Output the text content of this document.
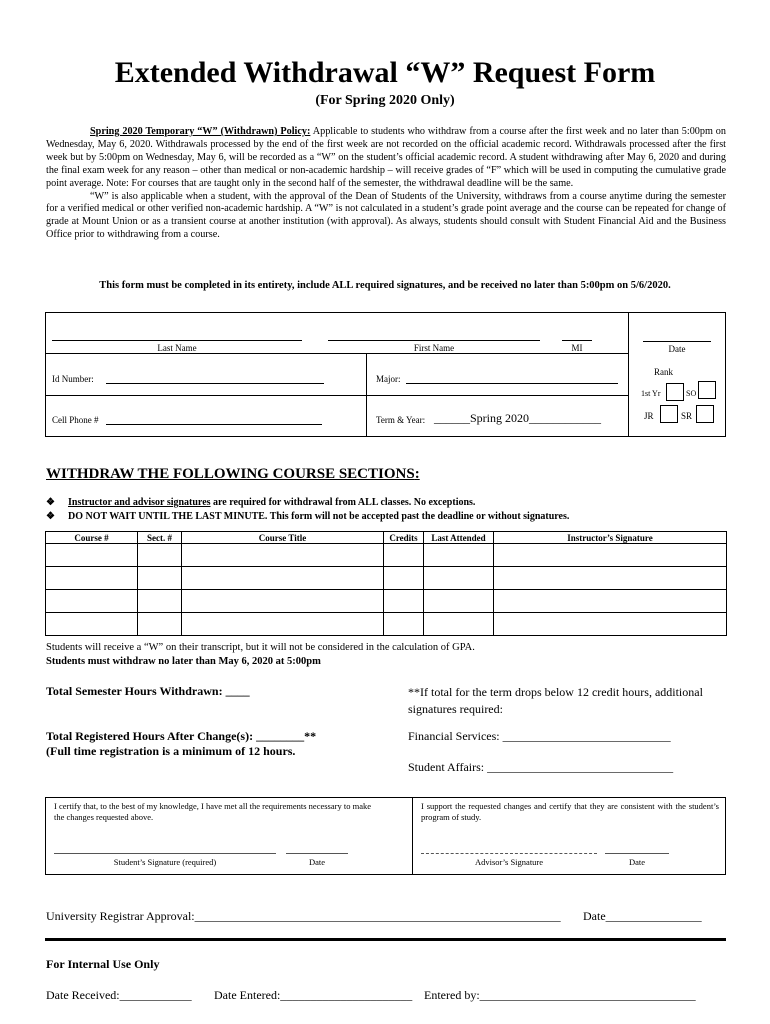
Extended Withdrawal “W” Request Form
(For Spring 2020 Only)

Spring 2020 Temporary “W” (Withdrawn) Policy: Applicable to students who withdraw from a course after the first week and no later than 5:00pm on Wednesday, May 6, 2020. Withdrawals processed by the end of the first week are not recorded on the official academic record. Withdrawals processed after the first week but by 5:00pm on Wednesday, May 6, will be recorded as a “W” on the student’s official academic record. A student withdrawing after May 6, 2020 and during the final exam week for any reason – other than medical or non-academic hardship – will receive grades of “F” which will be used in computing the cumulative grade point average. Note: For courses that are taught only in the second half of the semester, the withdrawal deadline will be the same.

“W” is also applicable when a student, with the approval of the Dean of Students of the University, withdraws from a course anytime during the semester for a verified medical or other verified non-academic hardship. A “W” is not calculated in a student’s grade point average and the course can be repeated for change of grade at Mount Union or as a transient course at another institution (with approval). As always, students should consult with Student Financial Aid and the Business Office prior to withdrawing from a course.

This form must be completed in its entirety, include ALL required signatures, and be received no later than 5:00pm on 5/6/2020.
Last Name	First Name	MI	Date
Id Number:	Major:
Cell Phone #	Term & Year: ______Spring 2020____________
Rank
1st Yr	SO
JR	SR
WITHDRAW THE FOLLOWING COURSE SECTIONS:
❖ Instructor and advisor signatures are required for withdrawal from ALL classes. No exceptions.
❖ DO NOT WAIT UNTIL THE LAST MINUTE. This form will not be accepted past the deadline or without signatures.
Course #	Sect. #	Course Title	Credits	Last Attended	Instructor’s Signature

Students will receive a “W” on their transcript, but it will not be considered in the calculation of GPA.
Students must withdraw no later than May 6, 2020 at 5:00pm
Total Semester Hours Withdrawn: ____	**If total for the term drops below 12 credit hours, additional signatures required:
Total Registered Hours After Change(s): ________**
(Full time registration is a minimum of 12 hours.
Financial Services: ____________________________
Student Affairs: _______________________________
I certify that, to the best of my knowledge, I have met all the requirements necessary to make the changes requested above.
Student’s Signature (required)	Date
I support the requested changes and certify that they are consistent with the student’s program of study.
Advisor’s Signature	Date
University Registrar Approval:_____________________________________________________________ Date________________
For Internal Use Only
Date Received:____________ Date Entered:______________________ Entered by:____________________________________
